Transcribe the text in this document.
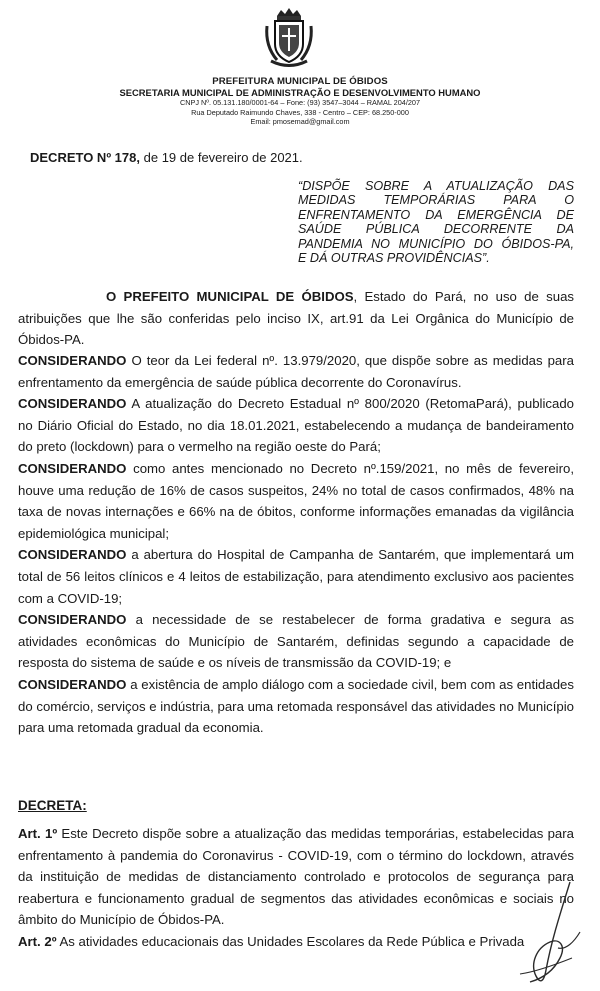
PREFEITURA MUNICIPAL DE ÓBIDOS
SECRETARIA MUNICIPAL DE ADMINISTRAÇÃO E DESENVOLVIMENTO HUMANO
CNPJ Nº. 05.131.180/0001-64 – Fone: (93) 3547–3044 – RAMAL 204/207
Rua Deputado Raimundo Chaves, 338 - Centro – CEP: 68.250-000
Email: pmosemad@gmail.com
DECRETO Nº 178, de 19 de fevereiro de 2021.
“DISPÕE SOBRE A ATUALIZAÇÃO DAS
MEDIDAS TEMPORÁRIAS PARA O
ENFRENTAMENTO DA EMERGÊNCIA DE
SAÚDE PÚBLICA DECORRENTE DA
PANDEMIA NO MUNICÍPIO DO ÓBIDOS-PA,
E DÁ OUTRAS PROVIDÊNCIAS”.

O PREFEITO MUNICIPAL DE ÓBIDOS, Estado do Pará, no uso de suas atribuições que lhe são conferidas pelo inciso IX, art.91 da Lei Orgânica do Município de Óbidos-PA.

CONSIDERANDO O teor da Lei federal nº. 13.979/2020, que dispõe sobre as medidas para enfrentamento da emergência de saúde pública decorrente do Coronavírus.

CONSIDERANDO A atualização do Decreto Estadual nº 800/2020 (RetomaPará), publicado no Diário Oficial do Estado, no dia 18.01.2021, estabelecendo a mudança de bandeiramento do preto (lockdown) para o vermelho na região oeste do Pará;

CONSIDERANDO como antes mencionado no Decreto nº.159/2021, no mês de fevereiro, houve uma redução de 16% de casos suspeitos, 24% no total de casos confirmados, 48% na taxa de novas internações e 66% na de óbitos, conforme informações emanadas da vigilância epidemiológica municipal;

CONSIDERANDO a abertura do Hospital de Campanha de Santarém, que implementará um total de 56 leitos clínicos e 4 leitos de estabilização, para atendimento exclusivo aos pacientes com a COVID-19;

CONSIDERANDO a necessidade de se restabelecer de forma gradativa e segura as atividades econômicas do Município de Santarém, definidas segundo a capacidade de resposta do sistema de saúde e os níveis de transmissão da COVID-19; e

CONSIDERANDO a existência de amplo diálogo com a sociedade civil, bem com as entidades do comércio, serviços e indústria, para uma retomada responsável das atividades no Município para uma retomada gradual da economia.

DECRETA:

Art. 1º Este Decreto dispõe sobre a atualização das medidas temporárias, estabelecidas para enfrentamento à pandemia do Coronavirus - COVID-19, com o término do lockdown, através da instituição de medidas de distanciamento controlado e protocolos de segurança para reabertura e funcionamento gradual de segmentos das atividades econômicas e sociais no âmbito do Município de Óbidos-PA.

Art. 2º As atividades educacionais das Unidades Escolares da Rede Pública e Privada
